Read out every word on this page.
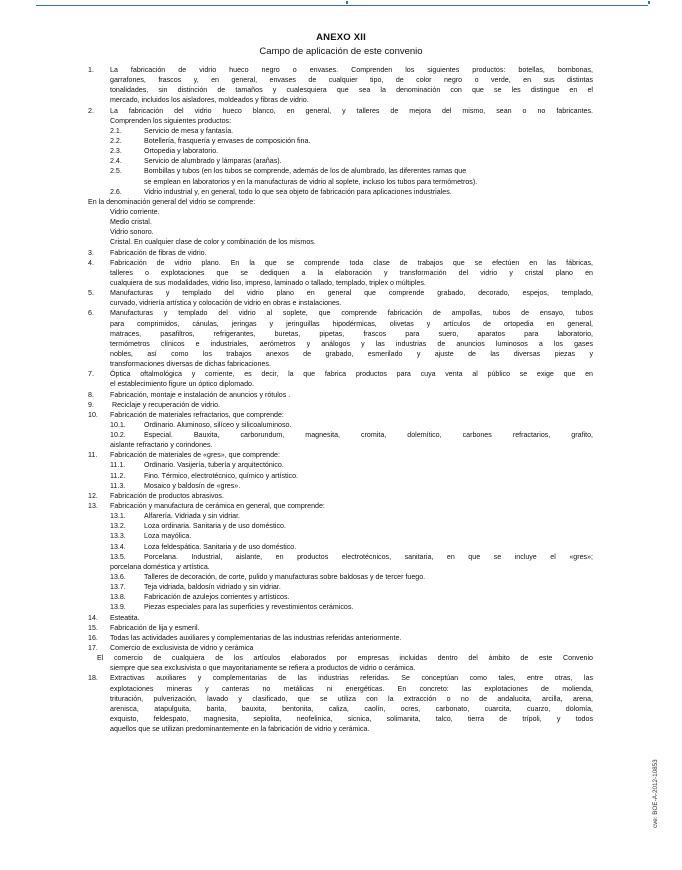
ANEXO XII
Campo de aplicación de este convenio
1. La fabricación de vidrio hueco negro o envases. Comprenden los siguientes productos: botellas, bombonas,
garrafones, frascos y, en general, envases de cualquier tipo, de color negro o verde, en sus distintas
tonalidades, sin distinción de tamaños y cualesquiera que sea la denominación con que se les distingue en el
mercado, incluidos los aisladores, moldeados y fibras de vidrio.
2. La fabricación del vidrio hueco blanco, en general, y talleres de mejora del mismo, sean o no fabricantes.
Comprenden los siguientes productos:
2.1.	Servicio de mesa y fantasía.
2.2.	Botellería, frasquería y envases de composición fina.
2.3.	Ortopedia y laboratorio.
2.4.	Servicio de alumbrado y lámparas (arañas).
2.5.	Bombillas y tubos (en los tubos se comprende, además de los de alumbrado, las diferentes ramas que
se emplean en laboratorios y en la manufacturas de vidrio al soplete, incluso los tubos para termómetros).
2.6.	Vidrio industrial y, en general, todo lo que sea objeto de fabricación para aplicaciones industriales.
En la denominación general del vidrio se comprende:
Vidrio corriente.
Medio cristal.
Vidrio sonoro.
Cristal. En cualquier clase de color y combinación de los mismos.
3. Fabricación de fibras de vidrio.
4. Fabricación de vidrio plano. En la que se comprende toda clase de trabajos que se efectúen en las fábricas,
talleres o explotaciones que se dediquen a la elaboración y transformación del vidrio y cristal plano en
cualquiera de sus modalidades, vidrio liso, impreso, laminado o tallado, templado, triplex o múltiples.
5. Manufacturas y templado del vidrio plano en general que comprende grabado, decorado, espejos, templado,
curvado, vidriería artística y colocación de vidrio en obras e instalaciones.
6. Manufacturas y templado del vidrio al soplete, que comprende fabricación de ampollas, tubos de ensayo, tubos
para comprimidos, cánulas, jeringas y jeringuillas hipodérmicas, olivetas y artículos de ortopedia en general,
matraces, pasafiltros, refrigerantes, buretas, pipetas, frascos para suero, aparatos para laboratorio,
termómetros clínicos e industriales, aerómetros y análogos y las industrias de anuncios luminosos a los gases
nobles, así como los trabajos anexos de grabado, esmerilado y ajuste de las diversas piezas y
transformaciones diversas de dichas fabricaciones.
7. Óptica oftalmológica y corriente, es decir, la que fabrica productos para cuya venta al público se exige que en
el establecimiento figure un óptico diplomado.
8. Fabricación, montaje e instalación de anuncios y rótulos .
9. Reciclaje y recuperación de vidrio.
10. Fabricación de materiales refractarios, que comprende:
10.1.	Ordinario. Aluminoso, silíceo y silicoaluminoso.
10.2.	Especial. Bauxita, carborundum, magnesita, cromita, dolemítico, carbones refractarios, grafito,
aislante refractario y corindones.
11. Fabricación de materiales de «gres», que comprende:
11.1.	Ordinario. Vasijería, tubería y arquitectónico.
11.2.	Fino. Térmico, electrotécnico, químico y artístico.
11.3.	Mosaico y baldosín de «gres».
12. Fabricación de productos abrasivos.
13. Fabricación y manufactura de cerámica en general, que comprende:
13.1.	Alfarería. Vidriada y sin vidriar.
13.2.	Loza ordinaria. Sanitaria y de uso doméstico.
13.3.	Loza mayólica.
13.4.	Loza feldespática. Sanitaria y de uso doméstico.
13.5.	Porcelana. Industrial, aislante, en productos electrotécnicos, sanitaria, en que se incluye el «gres»;
porcelana doméstica y artística.
13.6.	Talleres de decoración, de corte, pulido y manufacturas sobre baldosas y de tercer fuego.
13.7.	Teja vidriada, baldosín vidriado y sin vidriar.
13.8.	Fabricación de azulejos corrientes y artísticos.
13.9.	Piezas especiales para las superficies y revestimientos cerámicos.
14. Esteatita.
15. Fabricación de lija y esmeril.
16. Todas las actividades auxiliares y complementarias de las industrias referidas anteriormente.
17. Comercio de exclusivista de vidrio y cerámica
El comercio de cualquiera de los artículos elaborados por empresas incluidas dentro del ámbito de este Convenio
siempre que sea exclusivista o que mayoritariamente se refiera a productos de vidrio o cerámica.
18. Extractivas auxiliares y complementarias de las industrias referidas. Se conceptúan como tales, entre otras, las
explotaciones mineras y canteras no metálicas ni energéticas. En concreto: las explotaciones de molienda,
trituración, pulverización, lavado y clasificado, que se utiliza con la extracción o no de andalucita, arcilla, arena,
arenisca, atapulguita, barita, bauxita, bentonita, caliza, caolín, ocres, carbonato, cuarcita, cuarzo, dolomía,
exquisto, feldespato, magnesita, sepiolita, neofelinica, sicnica, solimanita, talco, tierra de trípoli, y todos
aquellos que se utilizan predominantemente en la fabricación de vidrio y cerámica.
cve: BOE-A-2012-10853
